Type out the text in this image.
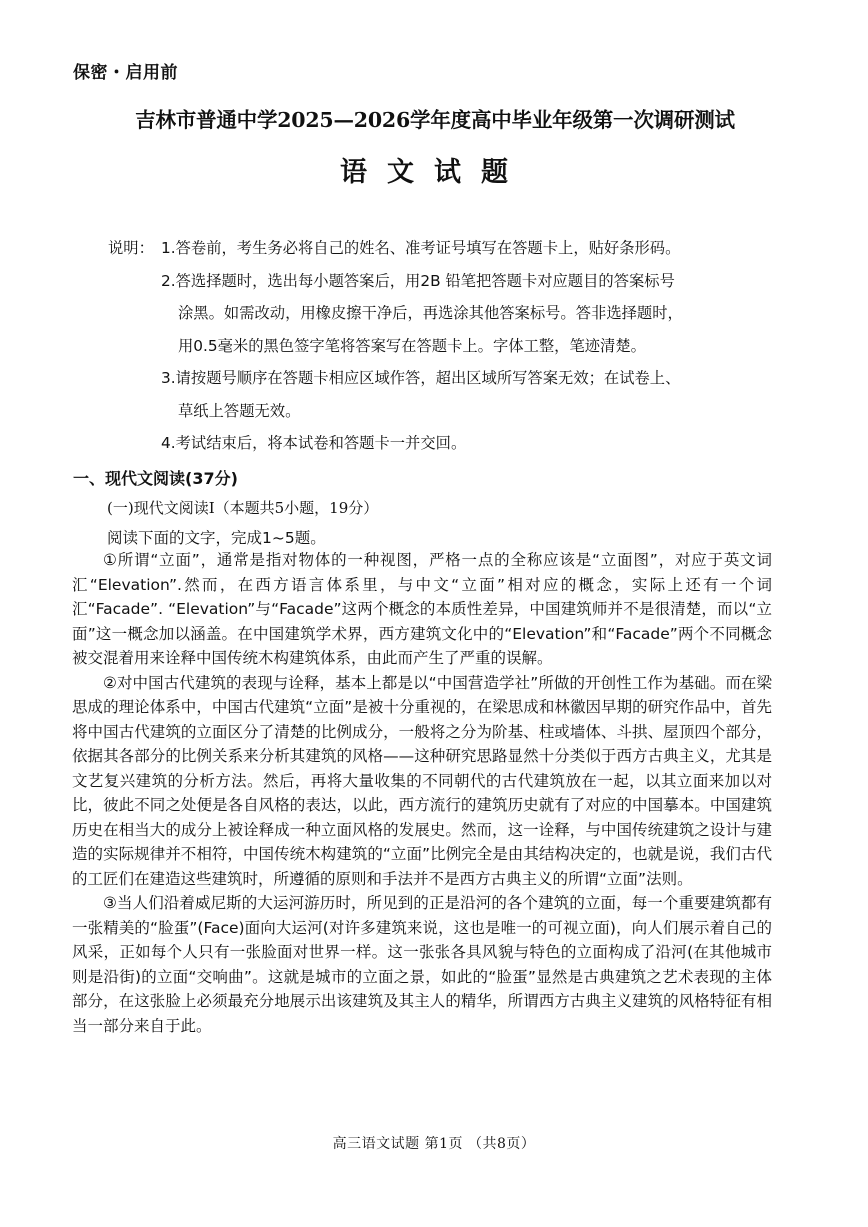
保密・启用前
吉林市普通中学2025—2026学年度高中毕业年级第一次调研测试
语文试题
说明： 1.答卷前，考生务必将自己的姓名、准考证号填写在答题卡上，贴好条形码。
2.答选择题时，选出每小题答案后，用2B 铅笔把答题卡对应题目的答案标号
涂黑。如需改动，用橡皮擦干净后，再选涂其他答案标号。答非选择题时，
用0.5毫米的黑色签字笔将答案写在答题卡上。字体工整，笔迹清楚。
3.请按题号顺序在答题卡相应区域作答，超出区域所写答案无效；在试卷上、
草纸上答题无效。
4.考试结束后，将本试卷和答题卡一并交回。
一、现代文阅读(37分)
(一)现代文阅读Ⅰ（本题共5小题，19分）
阅读下面的文字，完成1~5题。

①所谓“立面”，通常是指对物体的一种视图，严格一点的全称应该是“立面图”，对应于英文词汇“Elevation”.然而，在西方语言体系里，与中文“立面”相对应的概念，实际上还有一个词汇“Facade”. “Elevation”与“Facade”这两个概念的本质性差异，中国建筑师并不是很清楚，而以“立面”这一概念加以涵盖。在中国建筑学术界，西方建筑文化中的“Elevation”和“Facade”两个不同概念被交混着用来诠释中国传统木构建筑体系，由此而产生了严重的误解。

②对中国古代建筑的表现与诠释，基本上都是以“中国营造学社”所做的开创性工作为基础。而在梁思成的理论体系中，中国古代建筑“立面”是被十分重视的，在梁思成和林徽因早期的研究作品中，首先将中国古代建筑的立面区分了清楚的比例成分，一般将之分为阶基、柱或墙体、斗拱、屋顶四个部分，依据其各部分的比例关系来分析其建筑的风格——这种研究思路显然十分类似于西方古典主义，尤其是文艺复兴建筑的分析方法。然后，再将大量收集的不同朝代的古代建筑放在一起，以其立面来加以对比，彼此不同之处便是各自风格的表达，以此，西方流行的建筑历史就有了对应的中国摹本。中国建筑历史在相当大的成分上被诠释成一种立面风格的发展史。然而，这一诠释，与中国传统建筑之设计与建造的实际规律并不相符，中国传统木构建筑的“立面”比例完全是由其结构决定的，也就是说，我们古代的工匠们在建造这些建筑时，所遵循的原则和手法并不是西方古典主义的所谓“立面”法则。

③当人们沿着威尼斯的大运河游历时，所见到的正是沿河的各个建筑的立面，每一个重要建筑都有一张精美的“脸蛋”(Face)面向大运河(对许多建筑来说，这也是唯一的可视立面)，向人们展示着自己的风采，正如每个人只有一张脸面对世界一样。这一张张各具风貌与特色的立面构成了沿河(在其他城市则是沿街)的立面“交响曲”。这就是城市的立面之景，如此的“脸蛋”显然是古典建筑之艺术表现的主体部分，在这张脸上必须最充分地展示出该建筑及其主人的精华，所谓西方古典主义建筑的风格特征有相当一部分来自于此。

高三语文试题 第1页 （共8页）
